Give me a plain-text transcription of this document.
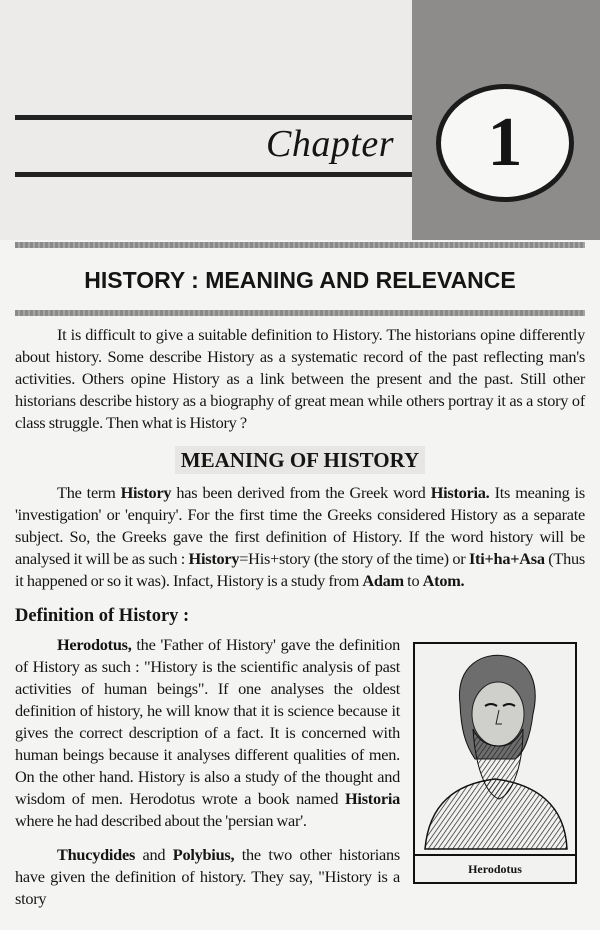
Chapter	1
HISTORY : MEANING AND RELEVANCE

It is difficult to give a suitable definition to History. The historians opine differently about history. Some describe History as a systematic record of the past reflecting man's activities. Others opine History as a link between the present and the past. Still other historians describe history as a biography of great mean while others portray it as a story of class struggle. Then what is History ?

MEANING OF HISTORY

The term History has been derived from the Greek word Historia. Its meaning is 'investigation' or 'enquiry'. For the first time the Greeks considered History as a separate subject. So, the Greeks gave the first definition of History. If the word history will be analysed it will be as such : History=His+story (the story of the time) or Iti+ha+Asa (Thus it happened or so it was). Infact, History is a study from Adam to Atom.

Definition of History :

Herodotus, the 'Father of History' gave the definition of History as such : "History is the scientific analysis of past activities of human beings". If one analyses the oldest definition of history, he will know that it is science because it gives the correct description of a fact. It is concerned with human beings because it analyses different qualities of men. On the other hand. History is also a study of the thought and wisdom of men. Herodotus wrote a book named Historia where he had described about the 'persian war'.

Thucydides and Polybius, the two other historians have given the definition of history. They say, "History is a story

Herodotus
